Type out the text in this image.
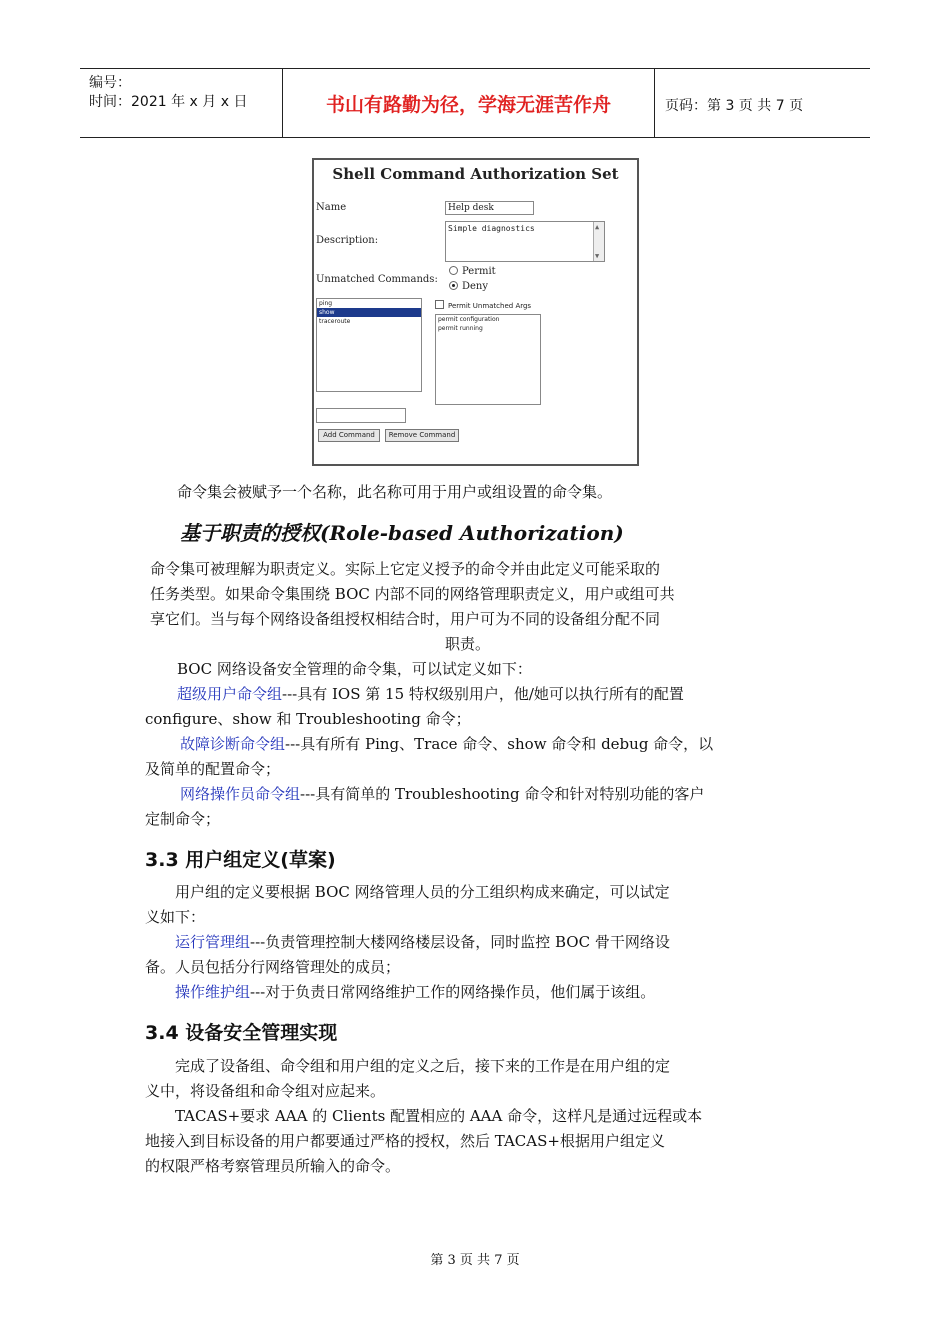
编号：
时间：2021 年 x 月 x 日	书山有路勤为径，学海无涯苦作舟	页码：第 3 页 共 7 页
Shell Command Authorization Set
Name	Help desk
Description:
Simple diagnostics	▲
▼
Unmatched Commands:
Permit
Deny
ping
show
traceroute
Permit Unmatched Args
permit configuration
permit running
Add Command	Remove Command
命令集会被赋予一个名称，此名称可用于用户或组设置的命令集。
基于职责的授权(Role-based Authorization)
命令集可被理解为职责定义。实际上它定义授予的命令并由此定义可能采取的
任务类型。如果命令集围绕 BOC 内部不同的网络管理职责定义，用户或组可共
享它们。当与每个网络设备组授权相结合时，用户可为不同的设备组分配不同
职责。
BOC 网络设备安全管理的命令集，可以试定义如下：
超级用户命令组---具有 IOS 第 15 特权级别用户，他/她可以执行所有的配置
configure、show 和 Troubleshooting 命令；
故障诊断命令组---具有所有 Ping、Trace 命令、show 命令和 debug 命令，以
及简单的配置命令；
网络操作员命令组---具有简单的 Troubleshooting 命令和针对特别功能的客户
定制命令；
3.3 用户组定义(草案)
用户组的定义要根据 BOC 网络管理人员的分工组织构成来确定，可以试定
义如下：
运行管理组---负责管理控制大楼网络楼层设备，同时监控 BOC 骨干网络设
备。人员包括分行网络管理处的成员；
操作维护组---对于负责日常网络维护工作的网络操作员，他们属于该组。
3.4 设备安全管理实现
完成了设备组、命令组和用户组的定义之后，接下来的工作是在用户组的定
义中，将设备组和命令组对应起来。
TACAS+要求 AAA 的 Clients 配置相应的 AAA 命令，这样凡是通过远程或本
地接入到目标设备的用户都要通过严格的授权，然后 TACAS+根据用户组定义
的权限严格考察管理员所输入的命令。
第 3 页 共 7 页
